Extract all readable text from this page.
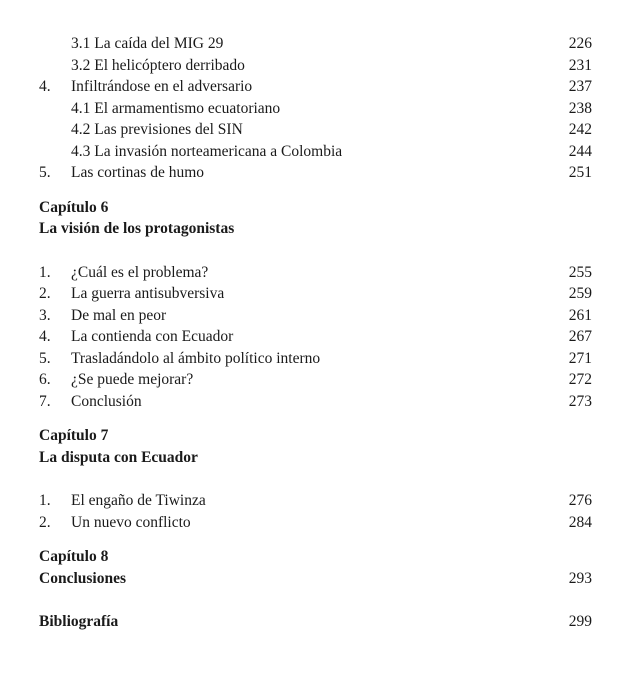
3.1 La caída del MIG 29	226
3.2 El helicóptero derribado	231
4. Infiltrándose en el adversario	237
4.1 El armamentismo ecuatoriano	238
4.2 Las previsiones del SIN	242
4.3 La invasión norteamericana a Colombia	244
5. Las cortinas de humo	251
Capítulo 6
La visión de los protagonistas
1. ¿Cuál es el problema?	255
2. La guerra antisubversiva	259
3. De mal en peor	261
4. La contienda con Ecuador	267
5. Trasladándolo al ámbito político interno	271
6. ¿Se puede mejorar?	272
7. Conclusión	273
Capítulo 7
La disputa con Ecuador
1. El engaño de Tiwinza	276
2. Un nuevo conflicto	284
Capítulo 8
Conclusiones	293
Bibliografía	299
